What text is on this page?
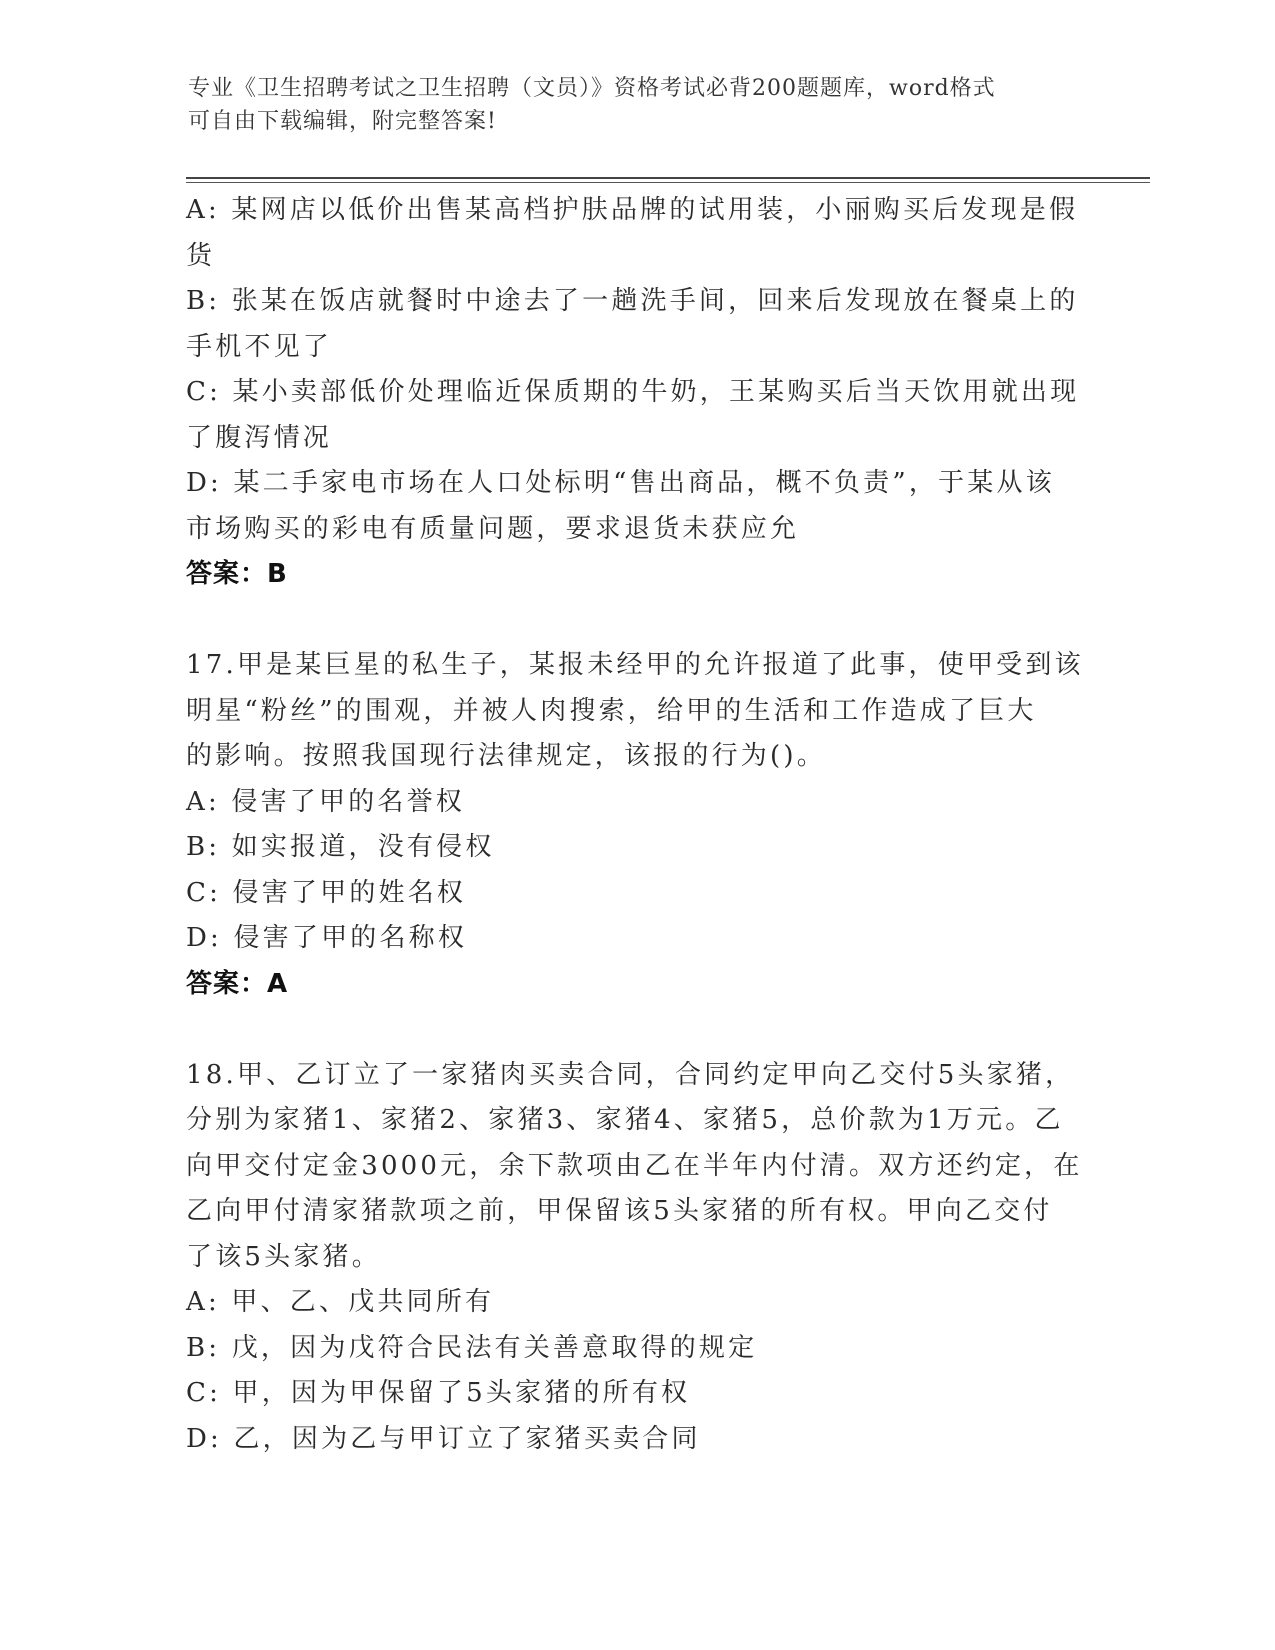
专业《卫生招聘考试之卫生招聘（文员）》资格考试必背200题题库，word格式
可自由下载编辑，附完整答案!
A: 某网店以低价出售某高档护肤品牌的试用装，小丽购买后发现是假
货
B: 张某在饭店就餐时中途去了一趟洗手间，回来后发现放在餐桌上的
手机不见了
C: 某小卖部低价处理临近保质期的牛奶，王某购买后当天饮用就出现
了腹泻情况
D: 某二手家电市场在人口处标明“售出商品，概不负责”，于某从该
市场购买的彩电有质量问题，要求退货未获应允
答案：B
17.甲是某巨星的私生子，某报未经甲的允许报道了此事，使甲受到该
明星“粉丝”的围观，并被人肉搜索，给甲的生活和工作造成了巨大
的影响。按照我国现行法律规定，该报的行为()。
A: 侵害了甲的名誉权
B: 如实报道，没有侵权
C: 侵害了甲的姓名权
D: 侵害了甲的名称权
答案：A
18.甲、乙订立了一家猪肉买卖合同，合同约定甲向乙交付5头家猪，
分别为家猪1、家猪2、家猪3、家猪4、家猪5，总价款为1万元。乙
向甲交付定金3000元，余下款项由乙在半年内付清。双方还约定，在
乙向甲付清家猪款项之前，甲保留该5头家猪的所有权。甲向乙交付
了该5头家猪。
A: 甲、乙、戊共同所有
B: 戊，因为戊符合民法有关善意取得的规定
C: 甲，因为甲保留了5头家猪的所有权
D: 乙，因为乙与甲订立了家猪买卖合同
